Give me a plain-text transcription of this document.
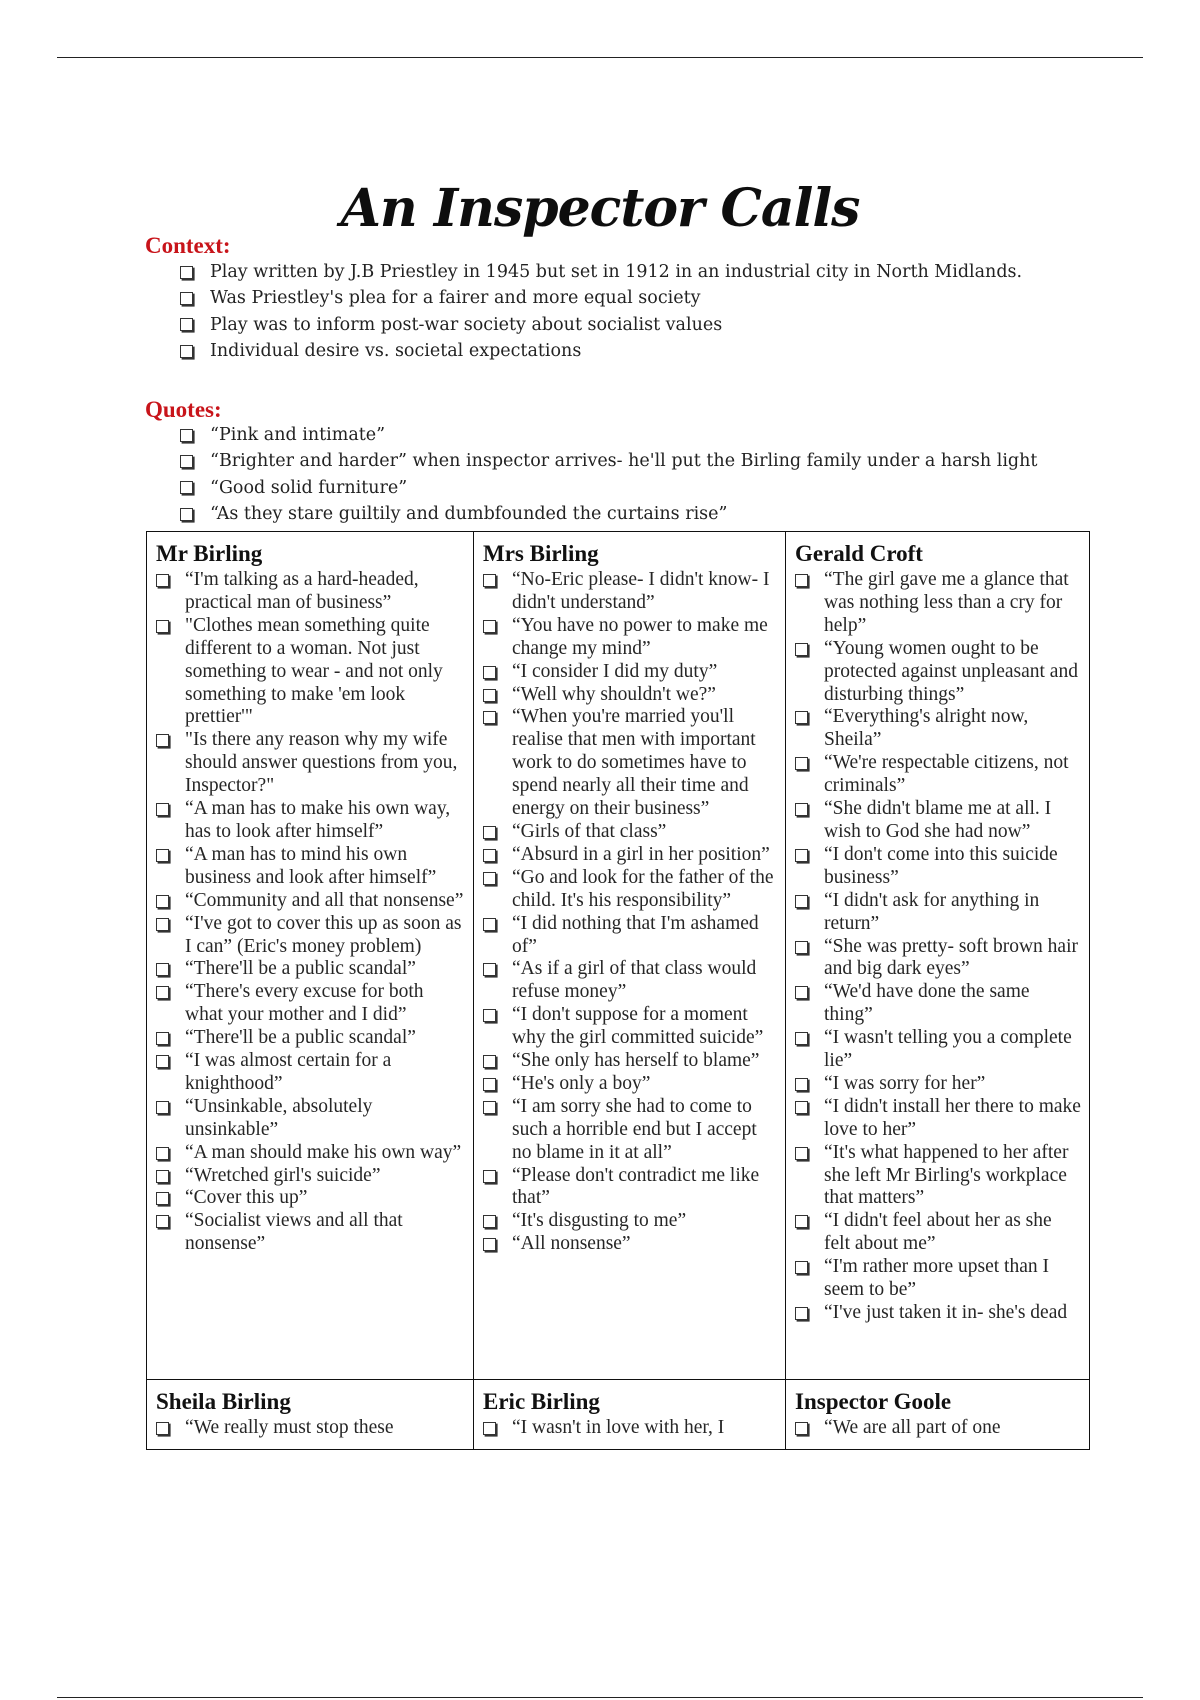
An Inspector Calls
Context:
Play written by J.B Priestley in 1945 but set in 1912 in an industrial city in North Midlands.
Was Priestley's plea for a fairer and more equal society
Play was to inform post-war society about socialist values
Individual desire vs. societal expectations
Quotes:
“Pink and intimate”
“Brighter and harder” when inspector arrives- he'll put the Birling family under a harsh light
“Good solid furniture”
“As they stare guiltily and dumbfounded the curtains rise”
Mr Birling
“I'm talking as a hard-headed, practical man of business”
"Clothes mean something quite different to a woman. Not just something to wear - and not only something to make 'em look prettier'"
"Is there any reason why my wife should answer questions from you, Inspector?"
“A man has to make his own way, has to look after himself”
“A man has to mind his own business and look after himself”
“Community and all that nonsense”
“I've got to cover this up as soon as I can” (Eric's money problem)
“There'll be a public scandal”
“There's every excuse for both what your mother and I did”
“There'll be a public scandal”
“I was almost certain for a knighthood”
“Unsinkable, absolutely unsinkable”
“A man should make his own way”
“Wretched girl's suicide”
“Cover this up”
“Socialist views and all that nonsense”
Mrs Birling
“No-Eric please- I didn't know- I didn't understand”
“You have no power to make me change my mind”
“I consider I did my duty”
“Well why shouldn't we?”
“When you're married you'll realise that men with important work to do sometimes have to spend nearly all their time and energy on their business”
“Girls of that class”
“Absurd in a girl in her position”
“Go and look for the father of the child. It's his responsibility”
“I did nothing that I'm ashamed of”
“As if a girl of that class would refuse money”
“I don't suppose for a moment why the girl committed suicide”
“She only has herself to blame”
“He's only a boy”
“I am sorry she had to come to such a horrible end but I accept no blame in it at all”
“Please don't contradict me like that”
“It's disgusting to me”
“All nonsense”
Gerald Croft
“The girl gave me a glance that was nothing less than a cry for help”
“Young women ought to be protected against unpleasant and disturbing things”
“Everything's alright now, Sheila”
“We're respectable citizens, not criminals”
“She didn't blame me at all. I wish to God she had now”
“I don't come into this suicide business”
“I didn't ask for anything in return”
“She was pretty- soft brown hair and big dark eyes”
“We'd have done the same thing”
“I wasn't telling you a complete lie”
“I was sorry for her”
“I didn't install her there to make love to her”
“It's what happened to her after she left Mr Birling's workplace that matters”
“I didn't feel about her as she felt about me”
“I'm rather more upset than I seem to be”
“I've just taken it in- she's dead
Sheila Birling
“We really must stop these
Eric Birling
“I wasn't in love with her, I
Inspector Goole
“We are all part of one
